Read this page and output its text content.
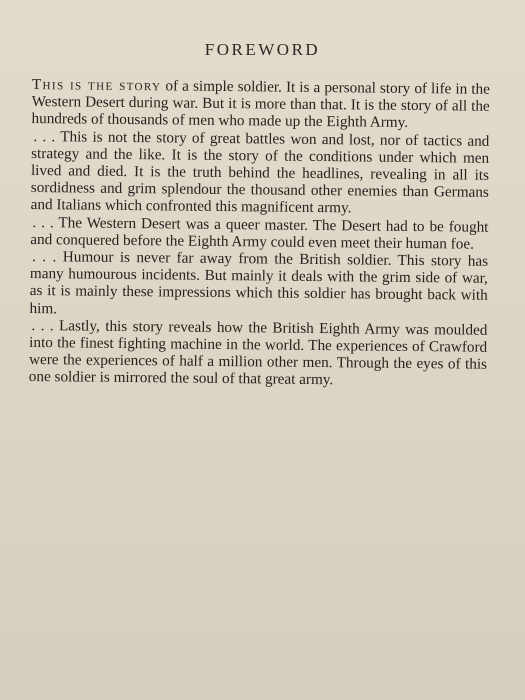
FOREWORD

This is the story of a simple soldier. It is a personal story of life in the Western Desert during war. But it is more than that. It is the story of all the hundreds of thousands of men who made up the Eighth Army.

. . . This is not the story of great battles won and lost, nor of tactics and strategy and the like. It is the story of the conditions under which men lived and died. It is the truth behind the headlines, revealing in all its sordidness and grim splendour the thousand other enemies than Germans and Italians which confronted this magnificent army.

. . . The Western Desert was a queer master. The Desert had to be fought and conquered before the Eighth Army could even meet their human foe.

. . . Humour is never far away from the British soldier. This story has many humourous incidents. But mainly it deals with the grim side of war, as it is mainly these impressions which this soldier has brought back with him.

. . . Lastly, this story reveals how the British Eighth Army was moulded into the finest fighting machine in the world. The experiences of Crawford were the experiences of half a million other men. Through the eyes of this one soldier is mirrored the soul of that great army.
